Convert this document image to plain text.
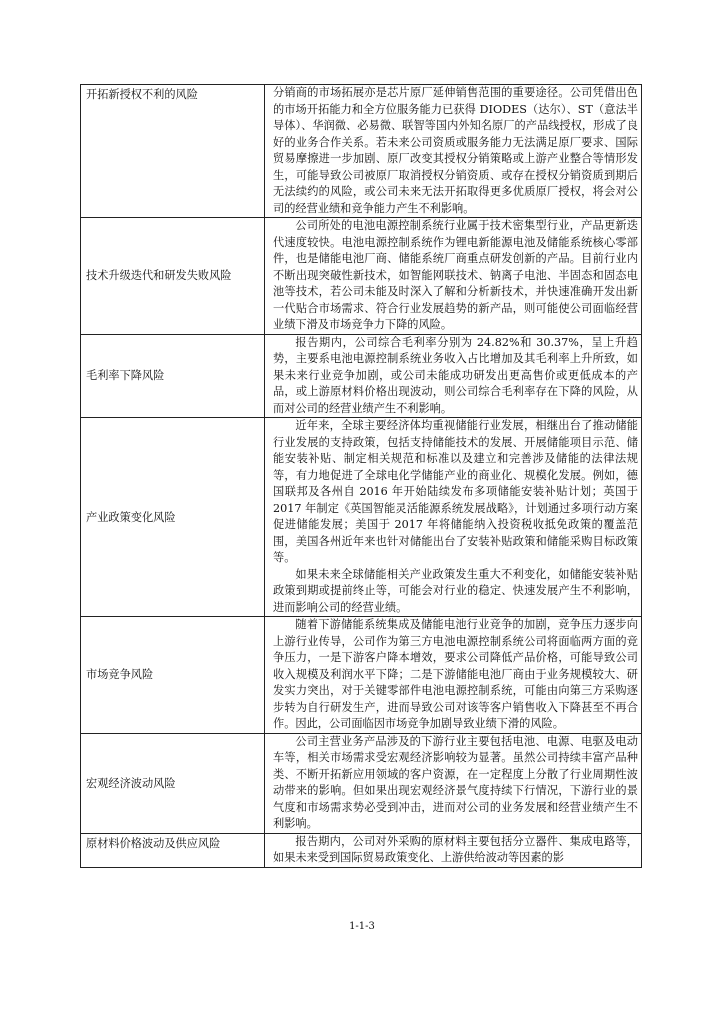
开拓新授权不利的风险	分销商的市场拓展亦是芯片原厂延伸销售范围的重要途径。公司凭借出色的市场开拓能力和全方位服务能力已获得 DIODES（达尔）、ST（意法半导体）、华润微、必易微、联智等国内外知名原厂的产品线授权，形成了良好的业务合作关系。若未来公司资质或服务能力无法满足原厂要求、国际贸易摩擦进一步加剧、原厂改变其授权分销策略或上游产业整合等情形发生，可能导致公司被原厂取消授权分销资质、或存在授权分销资质到期后无法续约的风险，或公司未来无法开拓取得更多优质原厂授权，将会对公司的经营业绩和竞争能力产生不利影响。

技术升级迭代和研发失败风险	公司所处的电池电源控制系统行业属于技术密集型行业，产品更新迭代速度较快。电池电源控制系统作为锂电新能源电池及储能系统核心零部件，也是储能电池厂商、储能系统厂商重点研发创新的产品。目前行业内不断出现突破性新技术，如智能网联技术、钠离子电池、半固态和固态电池等技术，若公司未能及时深入了解和分析新技术，并快速准确开发出新一代贴合市场需求、符合行业发展趋势的新产品，则可能使公司面临经营业绩下滑及市场竞争力下降的风险。

毛利率下降风险	报告期内，公司综合毛利率分别为 24.82%和 30.37%，呈上升趋势，主要系电池电源控制系统业务收入占比增加及其毛利率上升所致，如果未来行业竞争加剧，或公司未能成功研发出更高售价或更低成本的产品，或上游原材料价格出现波动，则公司综合毛利率存在下降的风险，从而对公司的经营业绩产生不利影响。

产业政策变化风险	近年来，全球主要经济体均重视储能行业发展，相继出台了推动储能行业发展的支持政策，包括支持储能技术的发展、开展储能项目示范、储能安装补贴、制定相关规范和标准以及建立和完善涉及储能的法律法规等，有力地促进了全球电化学储能产业的商业化、规模化发展。例如，德国联邦及各州自 2016 年开始陆续发布多项储能安装补贴计划；英国于 2017 年制定《英国智能灵活能源系统发展战略》，计划通过多项行动方案促进储能发展；美国于 2017 年将储能纳入投资税收抵免政策的覆盖范围，美国各州近年来也针对储能出台了安装补贴政策和储能采购目标政策等。

如果未来全球储能相关产业政策发生重大不利变化，如储能安装补贴政策到期或提前终止等，可能会对行业的稳定、快速发展产生不利影响，进而影响公司的经营业绩。

市场竞争风险	随着下游储能系统集成及储能电池行业竞争的加剧，竞争压力逐步向上游行业传导，公司作为第三方电池电源控制系统公司将面临两方面的竞争压力，一是下游客户降本增效，要求公司降低产品价格，可能导致公司收入规模及利润水平下降；二是下游储能电池厂商由于业务规模较大、研发实力突出，对于关键零部件电池电源控制系统，可能由向第三方采购逐步转为自行研发生产，进而导致公司对该等客户销售收入下降甚至不再合作。因此，公司面临因市场竞争加剧导致业绩下滑的风险。

宏观经济波动风险	公司主营业务产品涉及的下游行业主要包括电池、电源、电驱及电动车等，相关市场需求受宏观经济影响较为显著。虽然公司持续丰富产品种类、不断开拓新应用领域的客户资源，在一定程度上分散了行业周期性波动带来的影响。但如果出现宏观经济景气度持续下行情况，下游行业的景气度和市场需求势必受到冲击，进而对公司的业务发展和经营业绩产生不利影响。

原材料价格波动及供应风险	报告期内，公司对外采购的原材料主要包括分立器件、集成电路等，如果未来受到国际贸易政策变化、上游供给波动等因素的影

1-1-3
